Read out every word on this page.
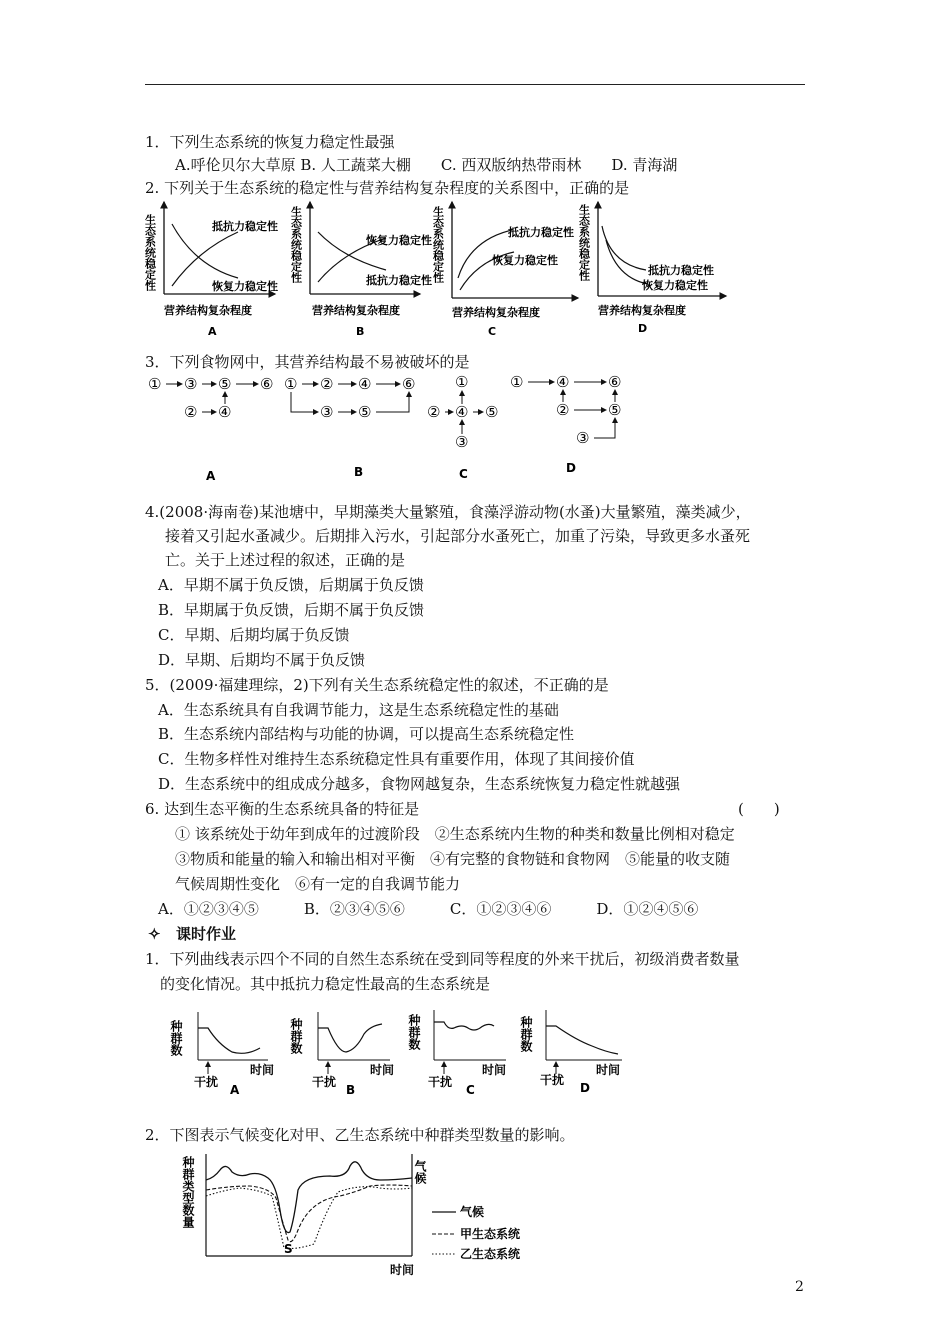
1．下列生态系统的恢复力稳定性最强
A.呼伦贝尔大草原 B. 人工蔬菜大棚　　C. 西双版纳热带雨林　　D. 青海湖
2. 下列关于生态系统的稳定性与营养结构复杂程度的关系图中，正确的是
生态系统稳定性	抵抗力稳定性
恢复力稳定性
营养结构复杂程度
A
生态系统稳定性	恢复力稳定性
抵抗力稳定性
营养结构复杂程度
B
生态系统稳定性	抵抗力稳定性
恢复力稳定性
营养结构复杂程度
C
生态系统稳定性	抵抗力稳定性
恢复力稳定性
营养结构复杂程度
D
3．下列食物网中，其营养结构最不易被破坏的是
① ③ ⑤ ⑥
② ④
A
① ② ④ ⑥
③ ⑤
B
①
② ④ ⑤
③
C
① ④	⑥
②	⑤
③
D
4.(2008·海南卷)某池塘中，早期藻类大量繁殖，食藻浮游动物(水蚤)大量繁殖，藻类减少，
接着又引起水蚤减少。后期排入污水，引起部分水蚤死亡，加重了污染，导致更多水蚤死
亡。关于上述过程的叙述，正确的是
A．早期不属于负反馈，后期属于负反馈
B．早期属于负反馈，后期不属于负反馈
C．早期、后期均属于负反馈
D．早期、后期均不属于负反馈
5．(2009·福建理综，2)下列有关生态系统稳定性的叙述，不正确的是
A．生态系统具有自我调节能力，这是生态系统稳定性的基础
B．生态系统内部结构与功能的协调，可以提高生态系统稳定性
C．生物多样性对维持生态系统稳定性具有重要作用，体现了其间接价值
D．生态系统中的组成成分越多，食物网越复杂，生态系统恢复力稳定性就越强
6. 达到生态平衡的生态系统具备的特征是	(　　)
① 该系统处于幼年到成年的过渡阶段　②生态系统内生物的种类和数量比例相对稳定
③物质和能量的输入和输出相对平衡　④有完整的食物链和食物网　⑤能量的收支随
气候周期性变化　⑥有一定的自我调节能力
A．①②③④⑤　　　B．②③④⑤⑥　　　C．①②③④⑥　　　D．①②④⑤⑥
✧ 课时作业
1．下列曲线表示四个不同的自然生态系统在受到同等程度的外来干扰后，初级消费者数量
的变化情况。其中抵抗力稳定性最高的生态系统是
种群数
干扰
时间
A
种群数
干扰
时间
B
种群数
干扰
时间
C
种群数
干扰
时间
D
2．下图表示气候变化对甲、乙生态系统中种群类型数量的影响。
种群类型数量	气候
S
时间
气候
甲生态系统
乙生态系统
2
